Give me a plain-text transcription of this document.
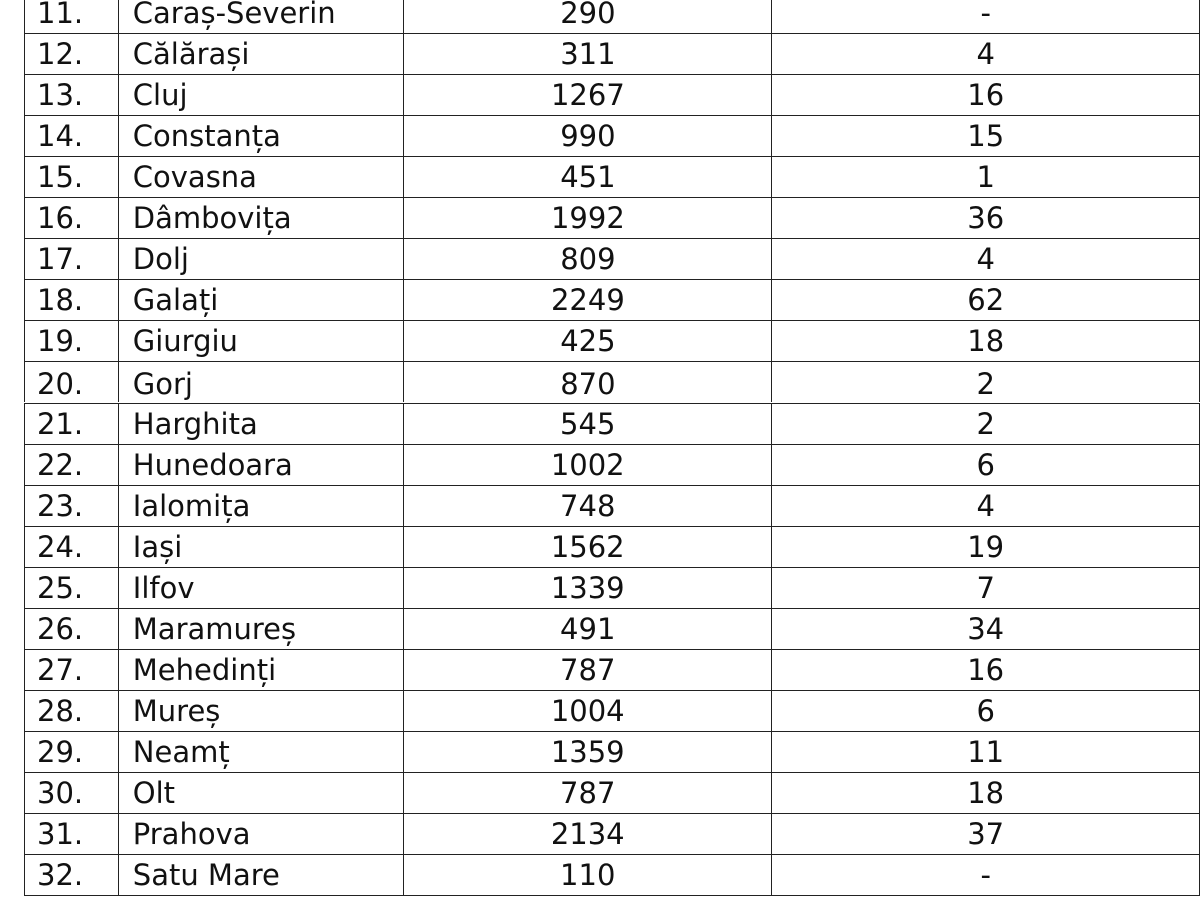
11.	Caraș-Severin	290	-
12.	Călărași	311	4
13.	Cluj	1267	16
14.	Constanța	990	15
15.	Covasna	451	1
16.	Dâmbovița	1992	36
17.	Dolj	809	4
18.	Galați	2249	62
19.	Giurgiu	425	18
20.	Gorj	870	2
21.	Harghita	545	2
22.	Hunedoara	1002	6
23.	Ialomița	748	4
24.	Iași	1562	19
25.	Ilfov	1339	7
26.	Maramureș	491	34
27.	Mehedinți	787	16
28.	Mureș	1004	6
29.	Neamț	1359	11
30.	Olt	787	18
31.	Prahova	2134	37
32.	Satu Mare	110	-
